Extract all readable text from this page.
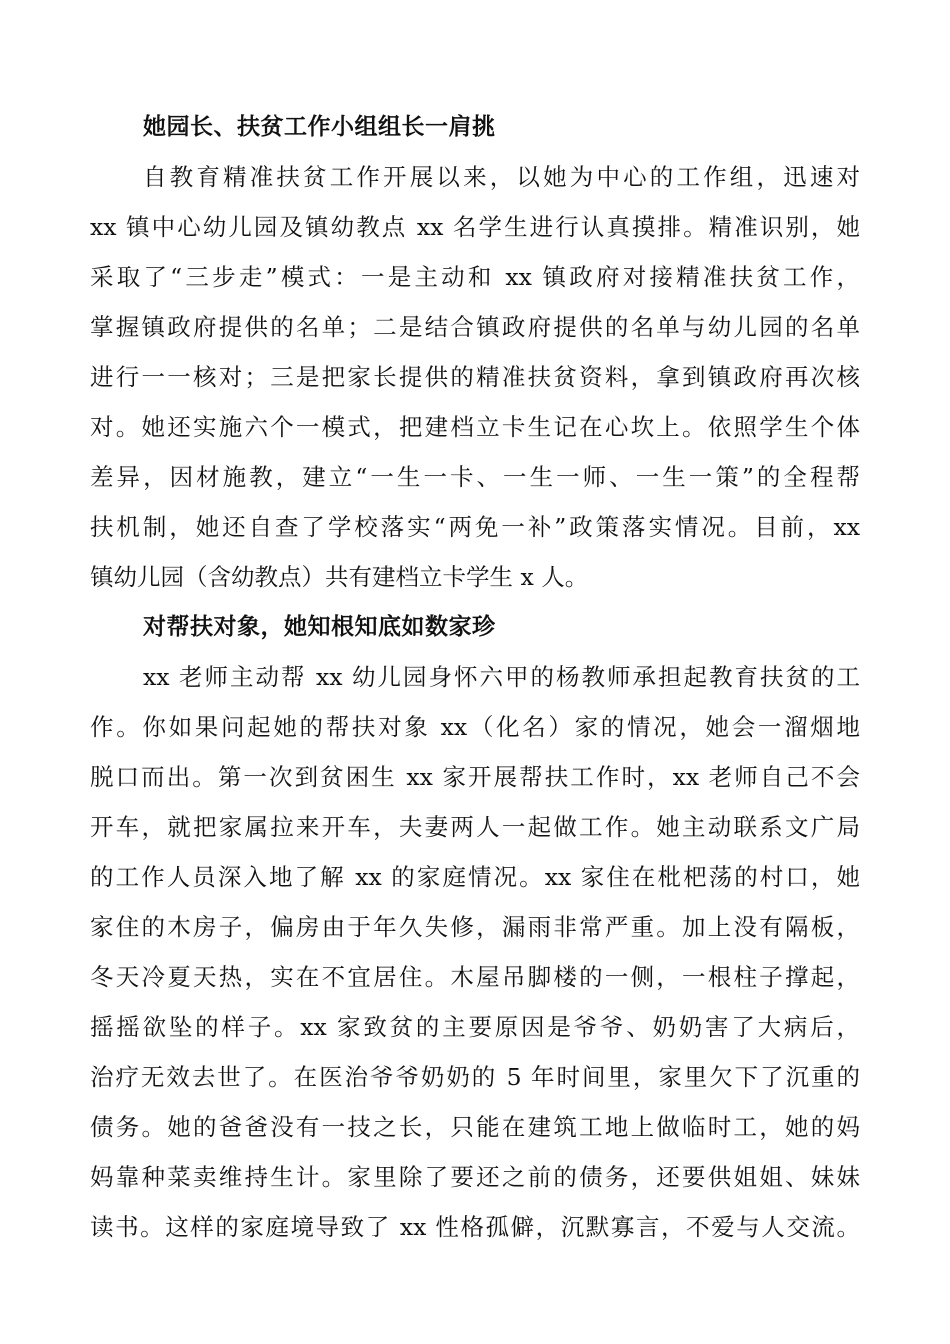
她园长、扶贫工作小组组长一肩挑
自教育精准扶贫工作开展以来，以她为中心的工作组，迅速对
xx 镇中心幼儿园及镇幼教点 xx 名学生进行认真摸排。精准识别，她
采取了“三步走”模式：一是主动和 xx 镇政府对接精准扶贫工作，
掌握镇政府提供的名单；二是结合镇政府提供的名单与幼儿园的名单
进行一一核对；三是把家长提供的精准扶贫资料，拿到镇政府再次核
对。她还实施六个一模式，把建档立卡生记在心坎上。依照学生个体
差异，因材施教，建立“一生一卡、一生一师、一生一策”的全程帮
扶机制，她还自查了学校落实“两免一补”政策落实情况。目前，xx
镇幼儿园（含幼教点）共有建档立卡学生 x 人。
对帮扶对象，她知根知底如数家珍
xx 老师主动帮 xx 幼儿园身怀六甲的杨教师承担起教育扶贫的工
作。你如果问起她的帮扶对象 xx（化名）家的情况，她会一溜烟地
脱口而出。第一次到贫困生 xx 家开展帮扶工作时，xx 老师自己不会
开车，就把家属拉来开车，夫妻两人一起做工作。她主动联系文广局
的工作人员深入地了解 xx 的家庭情况。xx 家住在枇杷荡的村口，她
家住的木房子，偏房由于年久失修，漏雨非常严重。加上没有隔板，
冬天冷夏天热，实在不宜居住。木屋吊脚楼的一侧，一根柱子撑起，
摇摇欲坠的样子。xx 家致贫的主要原因是爷爷、奶奶害了大病后，
治疗无效去世了。在医治爷爷奶奶的 5 年时间里，家里欠下了沉重的
债务。她的爸爸没有一技之长，只能在建筑工地上做临时工，她的妈
妈靠种菜卖维持生计。家里除了要还之前的债务，还要供姐姐、妹妹
读书。这样的家庭境导致了 xx 性格孤僻，沉默寡言，不爱与人交流。
